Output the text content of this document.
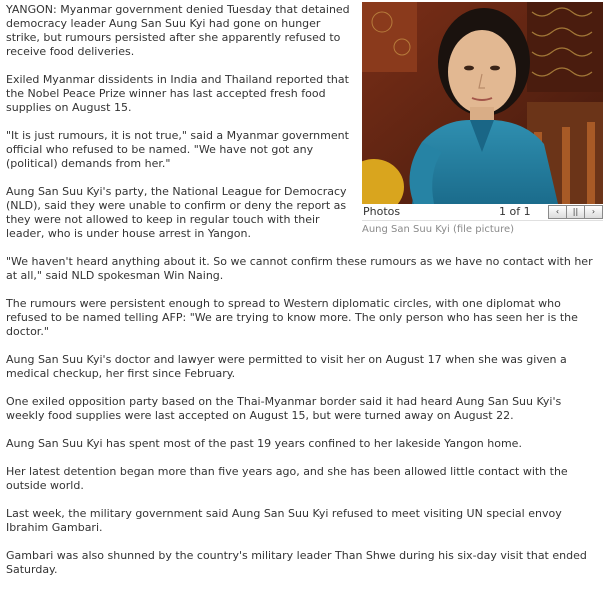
Photos	1 of 1	‹	||	›
Aung San Suu Kyi (file picture)

YANGON: Myanmar government denied Tuesday that detained democracy leader Aung San Suu Kyi had gone on hunger strike, but rumours persisted after she apparently refused to receive food deliveries.

Exiled Myanmar dissidents in India and Thailand reported that the Nobel Peace Prize winner has last accepted fresh food supplies on August 15.

"It is just rumours, it is not true," said a Myanmar government official who refused to be named. "We have not got any (political) demands from her."

Aung San Suu Kyi's party, the National League for Democracy (NLD), said they were unable to confirm or deny the report as they were not allowed to keep in regular touch with their leader, who is under house arrest in Yangon.

"We haven't heard anything about it. So we cannot confirm these rumours as we have no contact with her at all," said NLD spokesman Win Naing.

The rumours were persistent enough to spread to Western diplomatic circles, with one diplomat who refused to be named telling AFP: "We are trying to know more. The only person who has seen her is the doctor."

Aung San Suu Kyi's doctor and lawyer were permitted to visit her on August 17 when she was given a medical checkup, her first since February.

One exiled opposition party based on the Thai-Myanmar border said it had heard Aung San Suu Kyi's weekly food supplies were last accepted on August 15, but were turned away on August 22.

Aung San Suu Kyi has spent most of the past 19 years confined to her lakeside Yangon home.

Her latest detention began more than five years ago, and she has been allowed little contact with the outside world.

Last week, the military government said Aung San Suu Kyi refused to meet visiting UN special envoy Ibrahim Gambari.

Gambari was also shunned by the country's military leader Than Shwe during his six-day visit that ended Saturday.
